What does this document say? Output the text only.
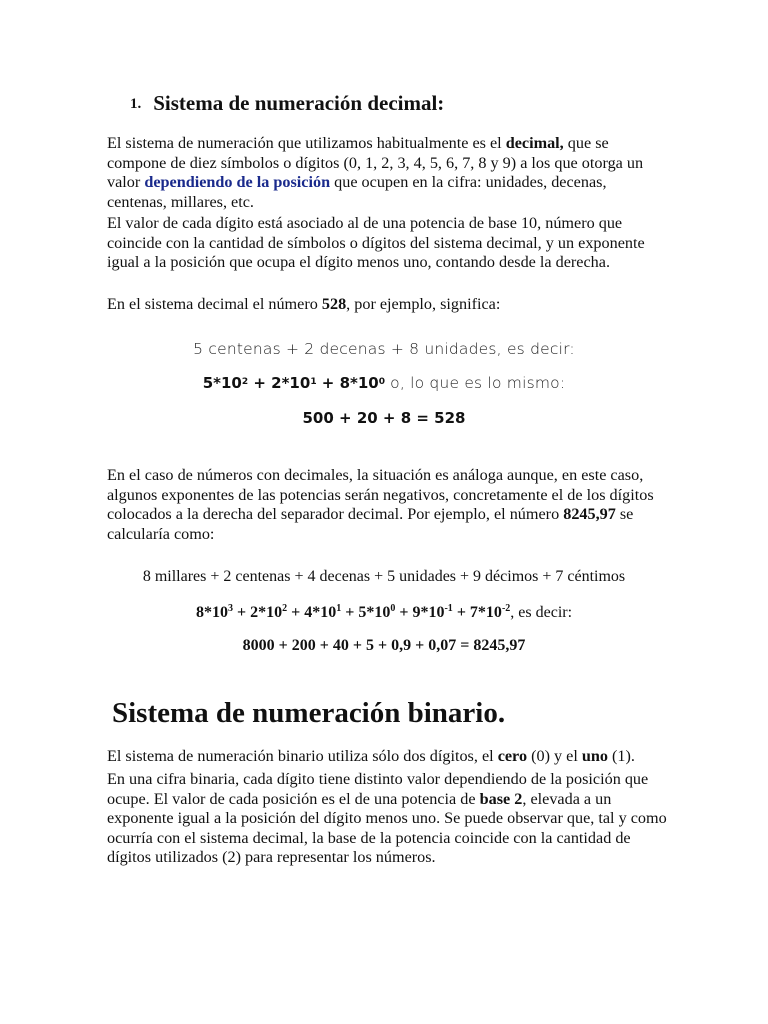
1. Sistema de numeración decimal:

El sistema de numeración que utilizamos habitualmente es el decimal, que se compone de diez símbolos o dígitos (0, 1, 2, 3, 4, 5, 6, 7, 8 y 9) a los que otorga un valor dependiendo de la posición que ocupen en la cifra: unidades, decenas, centenas, millares, etc.

El valor de cada dígito está asociado al de una potencia de base 10, número que coincide con la cantidad de símbolos o dígitos del sistema decimal, y un exponente igual a la posición que ocupa el dígito menos uno, contando desde la derecha.

En el sistema decimal el número 528, por ejemplo, significa:

5 centenas + 2 decenas + 8 unidades, es decir:

$5*10^2 + 2*10^1 + 8*10^0$ o, lo que es lo mismo:

500 + 20 + 8 = 528

En el caso de números con decimales, la situación es análoga aunque, en este caso, algunos exponentes de las potencias serán negativos, concretamente el de los dígitos colocados a la derecha del separador decimal. Por ejemplo, el número 8245,97 se calcularía como:

8 millares + 2 centenas + 4 decenas + 5 unidades + 9 décimos + 7 céntimos

$8*10^3 + 2*10^2 + 4*10^1 + 5*10^0 + 9*10^{-1} + 7*10^{-2}$, es decir:

8000 + 200 + 40 + 5 + 0,9 + 0,07 = 8245,97

Sistema de numeración binario.

El sistema de numeración binario utiliza sólo dos dígitos, el cero (0) y el uno (1).

En una cifra binaria, cada dígito tiene distinto valor dependiendo de la posición que ocupe. El valor de cada posición es el de una potencia de base 2, elevada a un exponente igual a la posición del dígito menos uno. Se puede observar que, tal y como ocurría con el sistema decimal, la base de la potencia coincide con la cantidad de dígitos utilizados (2) para representar los números.
